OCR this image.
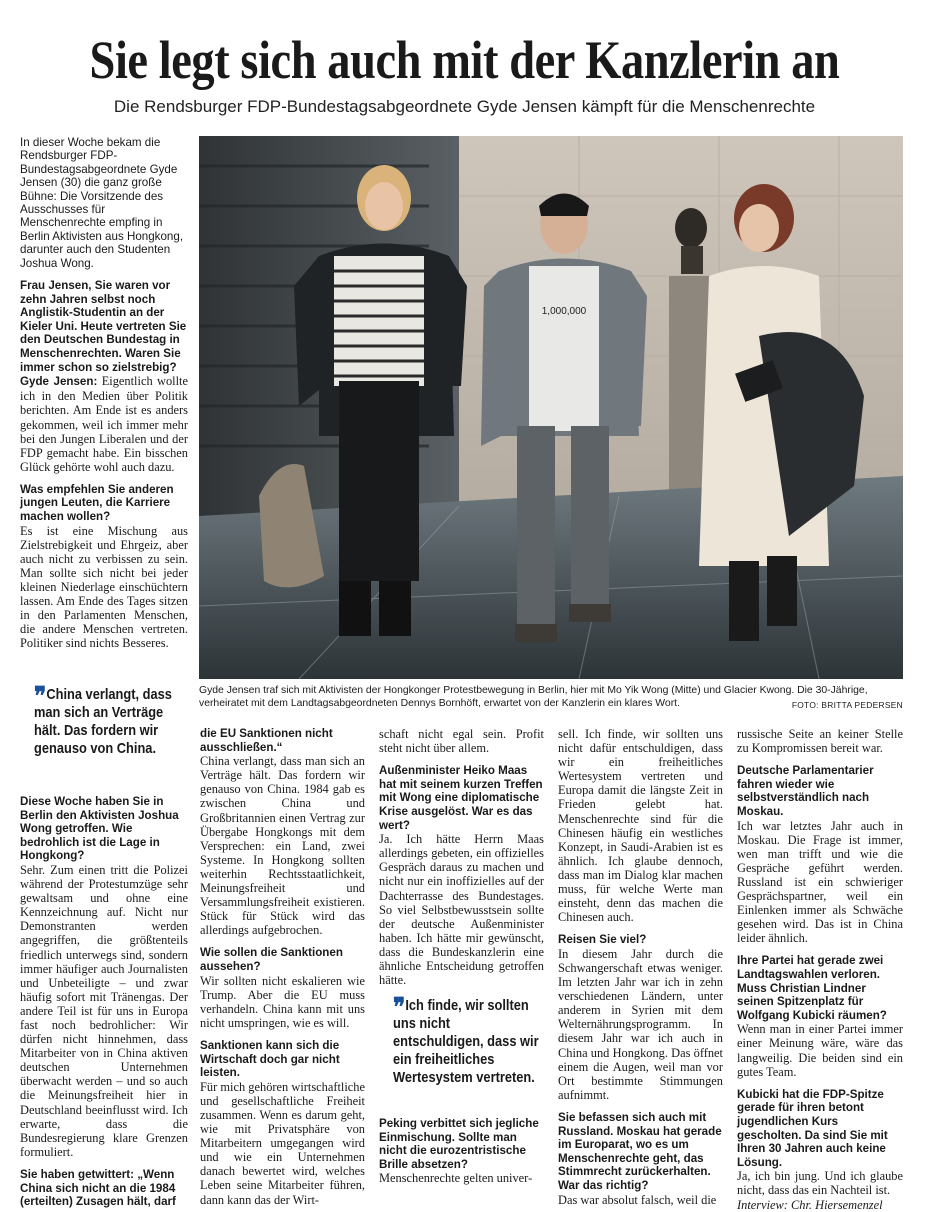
Sie legt sich auch mit der Kanzlerin an
Die Rendsburger FDP-Bundestagsabgeordnete Gyde Jensen kämpft für die Menschenrechte

In dieser Woche bekam die Rendsburger FDP-Bundestagsabgeordnete Gyde Jensen (30) die ganz große Bühne: Die Vorsitzende des Ausschusses für Menschenrechte empfing in Berlin Aktivisten aus Hongkong, darunter auch den Studenten Joshua Wong.

Frau Jensen, Sie waren vor zehn Jahren selbst noch Anglistik-Studentin an der Kieler Uni. Heute vertreten Sie den Deutschen Bundestag in Menschenrechten. Waren Sie immer schon so zielstrebig?

Gyde Jensen: Eigentlich wollte ich in den Medien über Politik berichten. Am Ende ist es anders gekommen, weil ich immer mehr bei den Jungen Liberalen und der FDP gemacht habe. Ein bisschen Glück gehörte wohl auch dazu.

Was empfehlen Sie anderen jungen Leuten, die Karriere machen wollen?

Es ist eine Mischung aus Zielstrebigkeit und Ehrgeiz, aber auch nicht zu verbissen zu sein. Man sollte sich nicht bei jeder kleinen Niederlage einschüchtern lassen. Am Ende des Tages sitzen in den Parlamenten Menschen, die andere Menschen vertreten. Politiker sind nichts Besseres.

1,000,000
Gyde Jensen traf sich mit Aktivisten der Hongkonger Protestbewegung in Berlin, hier mit Mo Yik Wong (Mitte) und Glacier Kwong. Die 30-Jährige, verheiratet mit dem Landtagsabgeordneten Dennys Bornhöft, erwartet von der Kanzlerin ein klares Wort.	FOTO: BRITTA PEDERSEN
❞ China verlangt, dass man sich an Verträge hält. Das fordern wir genauso von China.

Diese Woche haben Sie in Berlin den Aktivisten Joshua Wong getroffen. Wie bedrohlich ist die Lage in Hongkong?

Sehr. Zum einen tritt die Polizei während der Protestumzüge sehr gewaltsam und ohne eine Kennzeichnung auf. Nicht nur Demonstranten werden angegriffen, die größtenteils friedlich unterwegs sind, sondern immer häufiger auch Journalisten und Unbeteiligte – und zwar häufig sofort mit Tränengas. Der andere Teil ist für uns in Europa fast noch bedrohlicher: Wir dürfen nicht hinnehmen, dass Mitarbeiter von in China aktiven deutschen Unternehmen überwacht werden – und so auch die Meinungsfreiheit hier in Deutschland beeinflusst wird. Ich erwarte, dass die Bundesregierung klare Grenzen formuliert.

Sie haben getwittert: „Wenn China sich nicht an die 1984 (erteilten) Zusagen hält, darf

die EU Sanktionen nicht ausschließen.“

China verlangt, dass man sich an Verträge hält. Das fordern wir genauso von China. 1984 gab es zwischen China und Großbritannien einen Vertrag zur Übergabe Hongkongs mit dem Versprechen: ein Land, zwei Systeme. In Hongkong sollten weiterhin Rechtsstaatlichkeit, Meinungsfreiheit und Versammlungsfreiheit existieren. Stück für Stück wird das allerdings aufgebrochen.

Wie sollen die Sanktionen aussehen?

Wir sollten nicht eskalieren wie Trump. Aber die EU muss verhandeln. China kann mit uns nicht umspringen, wie es will.

Sanktionen kann sich die Wirtschaft doch gar nicht leisten.

Für mich gehören wirtschaftliche und gesellschaftliche Freiheit zusammen. Wenn es darum geht, wie mit Privatsphäre von Mitarbeitern umgegangen wird und wie ein Unternehmen danach bewertet wird, welches Leben seine Mitarbeiter führen, dann kann das der Wirt-

schaft nicht egal sein. Profit steht nicht über allem.

Außenminister Heiko Maas hat mit seinem kurzen Treffen mit Wong eine diplomatische Krise ausgelöst. War es das wert?

Ja. Ich hätte Herrn Maas allerdings gebeten, ein offizielles Gespräch daraus zu machen und nicht nur ein inoffizielles auf der Dachterrasse des Bundestages. So viel Selbstbewusstsein sollte der deutsche Außenminister haben. Ich hätte mir gewünscht, dass die Bundeskanzlerin eine ähnliche Entscheidung getroffen hätte.

❞ Ich finde, wir sollten uns nicht entschuldigen, dass wir ein freiheitliches Wertesystem vertreten.

Peking verbittet sich jegliche Einmischung. Sollte man nicht die eurozentristische Brille absetzen?

Menschenrechte gelten univer-

sell. Ich finde, wir sollten uns nicht dafür entschuldigen, dass wir ein freiheitliches Wertesystem vertreten und Europa damit die längste Zeit in Frieden gelebt hat. Menschenrechte sind für die Chinesen häufig ein westliches Konzept, in Saudi-Arabien ist es ähnlich. Ich glaube dennoch, dass man im Dialog klar machen muss, für welche Werte man einsteht, denn das machen die Chinesen auch.

Reisen Sie viel?

In diesem Jahr durch die Schwangerschaft etwas weniger. Im letzten Jahr war ich in zehn verschiedenen Ländern, unter anderem in Syrien mit dem Welternährungsprogramm. In diesem Jahr war ich auch in China und Hongkong. Das öffnet einem die Augen, weil man vor Ort bestimmte Stimmungen aufnimmt.

Sie befassen sich auch mit Russland. Moskau hat gerade im Europarat, wo es um Menschenrechte geht, das Stimmrecht zurückerhalten. War das richtig?

Das war absolut falsch, weil die

russische Seite an keiner Stelle zu Kompromissen bereit war.

Deutsche Parlamentarier fahren wieder wie selbstverständlich nach Moskau.

Ich war letztes Jahr auch in Moskau. Die Frage ist immer, wen man trifft und wie die Gespräche geführt werden. Russland ist ein schwieriger Gesprächspartner, weil ein Einlenken immer als Schwäche gesehen wird. Das ist in China leider ähnlich.

Ihre Partei hat gerade zwei Landtagswahlen verloren. Muss Christian Lindner seinen Spitzenplatz für Wolfgang Kubicki räumen?

Wenn man in einer Partei immer einer Meinung wäre, wäre das langweilig. Die beiden sind ein gutes Team.

Kubicki hat die FDP-Spitze gerade für ihren betont jugendlichen Kurs gescholten. Da sind Sie mit Ihren 30 Jahren auch keine Lösung.

Ja, ich bin jung. Und ich glaube nicht, dass das ein Nachteil ist.

Interview: Chr. Hiersemenzel
